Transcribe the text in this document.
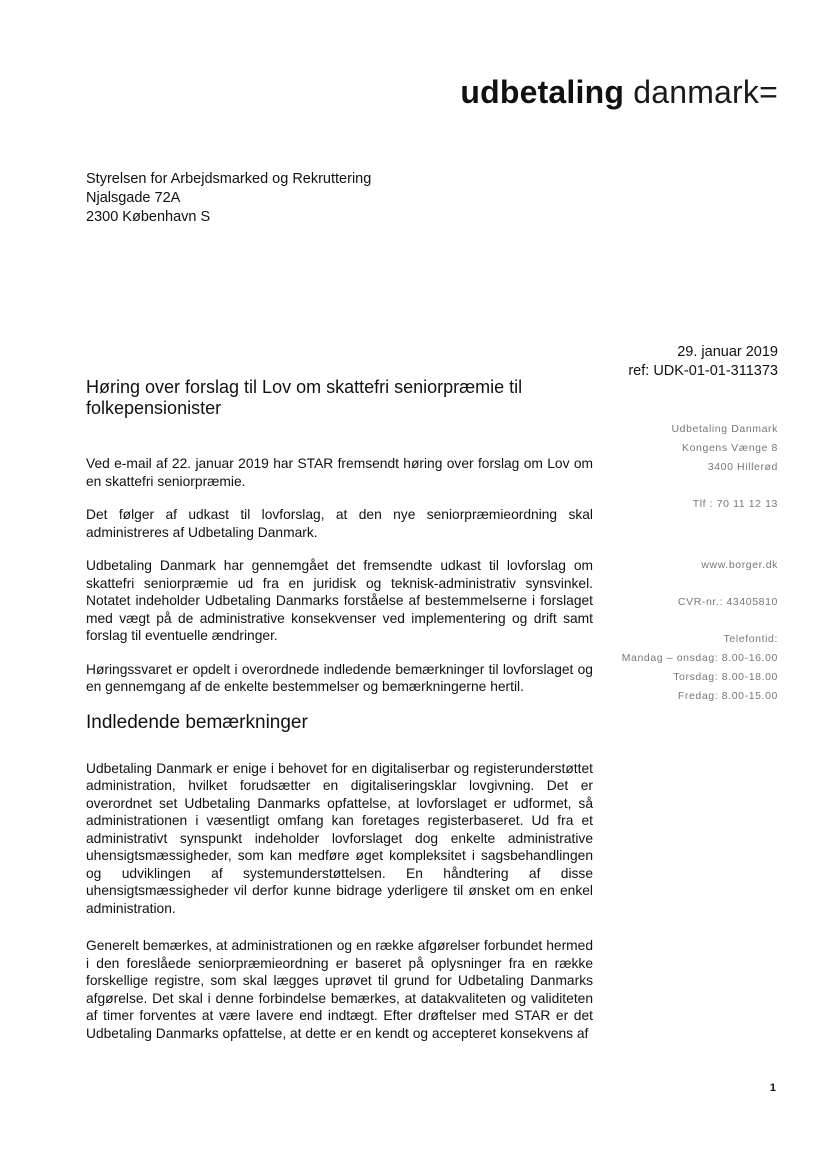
udbetaling danmark=
Styrelsen for Arbejdsmarked og Rekruttering
Njalsgade 72A
2300 København S
29. januar 2019
ref: UDK-01-01-311373
Høring over forslag til Lov om skattefri seniorpræmie til folkepensionister
Udbetaling Danmark
Kongens Vænge 8
3400 Hillerød
Tlf : 70 11 12 13
www.borger.dk
CVR-nr.: 43405810
Telefontid:
Mandag – onsdag: 8.00-16.00
Torsdag: 8.00-18.00
Fredag: 8.00-15.00

Ved e-mail af 22. januar 2019 har STAR fremsendt høring over forslag om Lov om en skattefri seniorpræmie.

Det følger af udkast til lovforslag, at den nye seniorpræmieordning skal administreres af Udbetaling Danmark.

Udbetaling Danmark har gennemgået det fremsendte udkast til lovforslag om skattefri seniorpræmie ud fra en juridisk og teknisk-administrativ synsvinkel. Notatet indeholder Udbetaling Danmarks forståelse af bestemmelserne i forslaget med vægt på de administrative konsekvenser ved implementering og drift samt forslag til eventuelle ændringer.

Høringssvaret er opdelt i overordnede indledende bemærkninger til lovforslaget og en gennemgang af de enkelte bestemmelser og bemærkningerne hertil.

Indledende bemærkninger

Udbetaling Danmark er enige i behovet for en digitaliserbar og registerunderstøttet administration, hvilket forudsætter en digitaliseringsklar lovgivning. Det er overordnet set Udbetaling Danmarks opfattelse, at lovforslaget er udformet, så administrationen i væsentligt omfang kan foretages registerbaseret. Ud fra et administrativt synspunkt indeholder lovforslaget dog enkelte administrative uhensigtsmæssigheder, som kan medføre øget kompleksitet i sagsbehandlingen og udviklingen af systemunderstøttelsen. En håndtering af disse uhensigtsmæssigheder vil derfor kunne bidrage yderligere til ønsket om en enkel administration.

Generelt bemærkes, at administrationen og en række afgørelser forbundet hermed i den foreslåede seniorpræmieordning er baseret på oplysninger fra en række forskellige registre, som skal lægges uprøvet til grund for Udbetaling Danmarks afgørelse. Det skal i denne forbindelse bemærkes, at datakvaliteten og validiteten af timer forventes at være lavere end indtægt. Efter drøftelser med STAR er det Udbetaling Danmarks opfattelse, at dette er en kendt og accepteret konsekvens af

1
